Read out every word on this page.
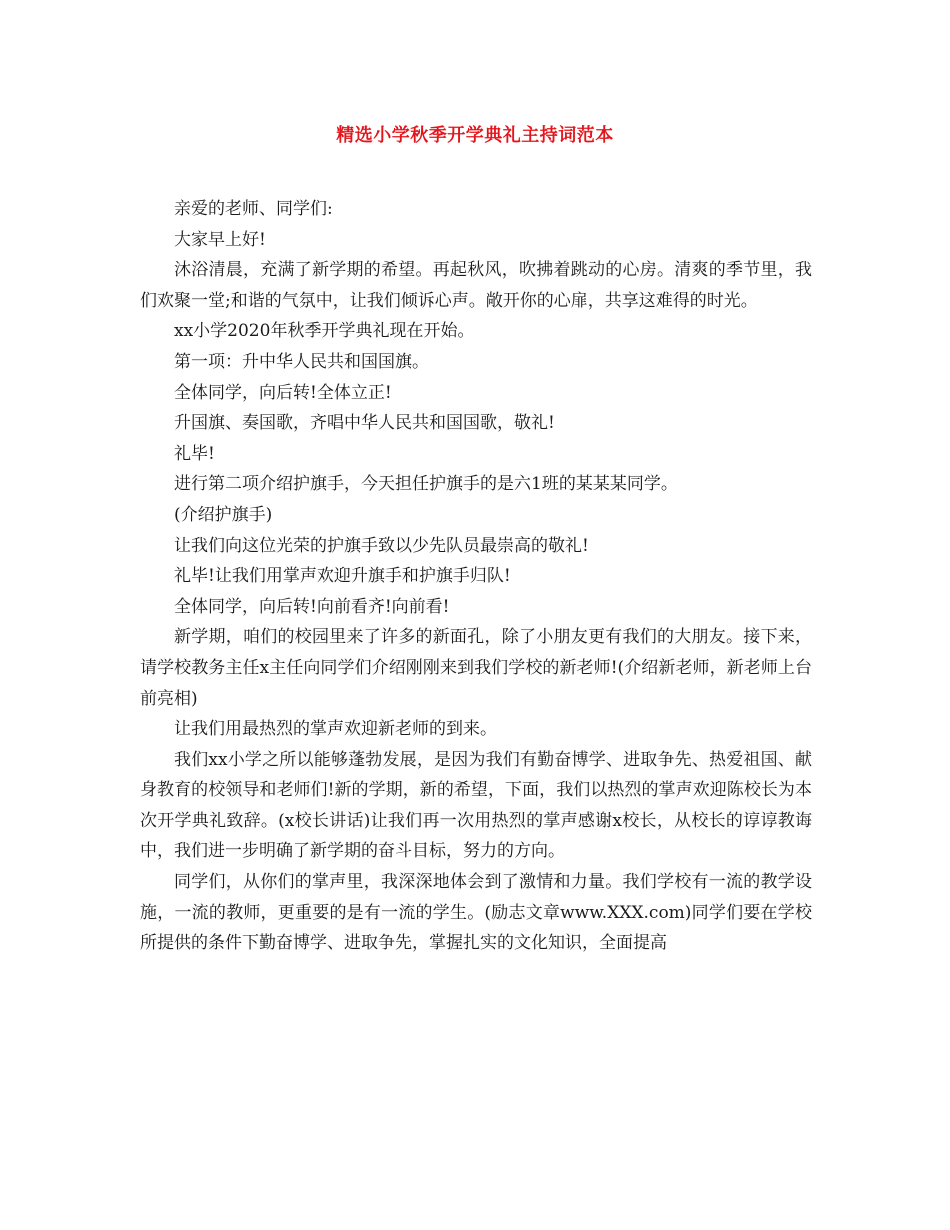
精选小学秋季开学典礼主持词范本

亲爱的老师、同学们:

大家早上好!

沐浴清晨，充满了新学期的希望。再起秋风，吹拂着跳动的心房。清爽的季节里，我们欢聚一堂;和谐的气氛中，让我们倾诉心声。敞开你的心扉，共享这难得的时光。

xx小学2020年秋季开学典礼现在开始。

第一项：升中华人民共和国国旗。

全体同学，向后转!全体立正!

升国旗、奏国歌，齐唱中华人民共和国国歌，敬礼!

礼毕!

进行第二项介绍护旗手，今天担任护旗手的是六1班的某某某同学。

(介绍护旗手)

让我们向这位光荣的护旗手致以少先队员最崇高的敬礼!

礼毕!让我们用掌声欢迎升旗手和护旗手归队!

全体同学，向后转!向前看齐!向前看!

新学期，咱们的校园里来了许多的新面孔，除了小朋友更有我们的大朋友。接下来，请学校教务主任x主任向同学们介绍刚刚来到我们学校的新老师!(介绍新老师，新老师上台前亮相)

让我们用最热烈的掌声欢迎新老师的到来。

我们xx小学之所以能够蓬勃发展，是因为我们有勤奋博学、进取争先、热爱祖国、献身教育的校领导和老师们!新的学期，新的希望，下面，我们以热烈的掌声欢迎陈校长为本次开学典礼致辞。(x校长讲话)让我们再一次用热烈的掌声感谢x校长，从校长的谆谆教诲中，我们进一步明确了新学期的奋斗目标，努力的方向。

同学们，从你们的掌声里，我深深地体会到了激情和力量。我们学校有一流的教学设施，一流的教师，更重要的是有一流的学生。(励志文章www.XXX.com)同学们要在学校所提供的条件下勤奋博学、进取争先，掌握扎实的文化知识，全面提高
